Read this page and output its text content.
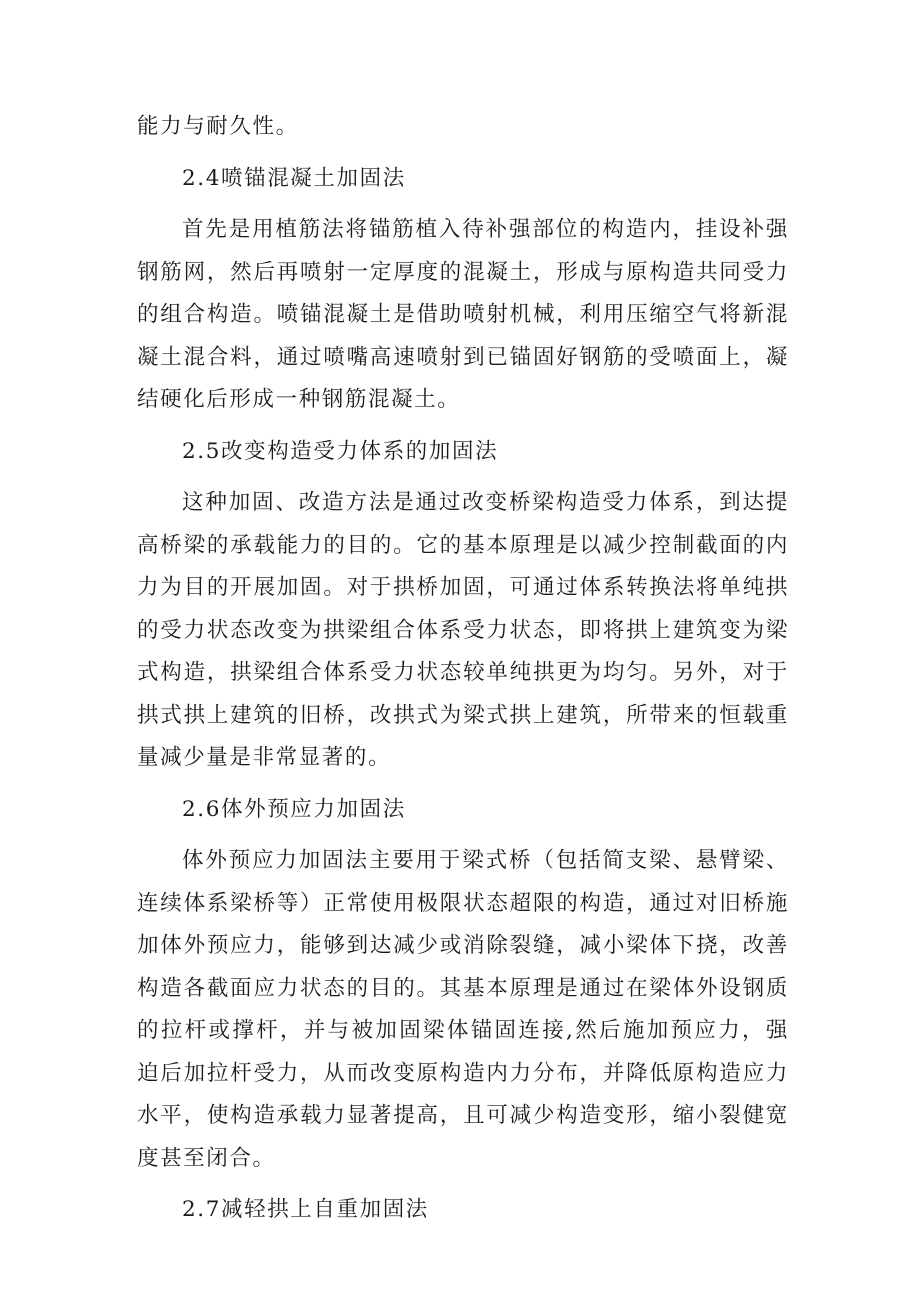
能力与耐久性。

2.4喷锚混凝土加固法

首先是用植筋法将锚筋植入待补强部位的构造内，挂设补强钢筋网，然后再喷射一定厚度的混凝土，形成与原构造共同受力的组合构造。喷锚混凝土是借助喷射机械，利用压缩空气将新混凝土混合料，通过喷嘴高速喷射到已锚固好钢筋的受喷面上，凝结硬化后形成一种钢筋混凝土。

2.5改变构造受力体系的加固法

这种加固、改造方法是通过改变桥梁构造受力体系，到达提高桥梁的承载能力的目的。它的基本原理是以减少控制截面的内力为目的开展加固。对于拱桥加固，可通过体系转换法将单纯拱的受力状态改变为拱梁组合体系受力状态，即将拱上建筑变为梁式构造，拱梁组合体系受力状态较单纯拱更为均匀。另外，对于拱式拱上建筑的旧桥，改拱式为梁式拱上建筑，所带来的恒载重量减少量是非常显著的。

2.6体外预应力加固法

体外预应力加固法主要用于梁式桥（包括简支梁、悬臂梁、连续体系梁桥等）正常使用极限状态超限的构造，通过对旧桥施加体外预应力，能够到达减少或消除裂缝，减小梁体下挠，改善构造各截面应力状态的目的。其基本原理是通过在梁体外设钢质的拉杆或撑杆，并与被加固梁体锚固连接,然后施加预应力，强迫后加拉杆受力，从而改变原构造内力分布，并降低原构造应力水平，使构造承载力显著提高，且可减少构造变形，缩小裂健宽度甚至闭合。

2.7减轻拱上自重加固法
